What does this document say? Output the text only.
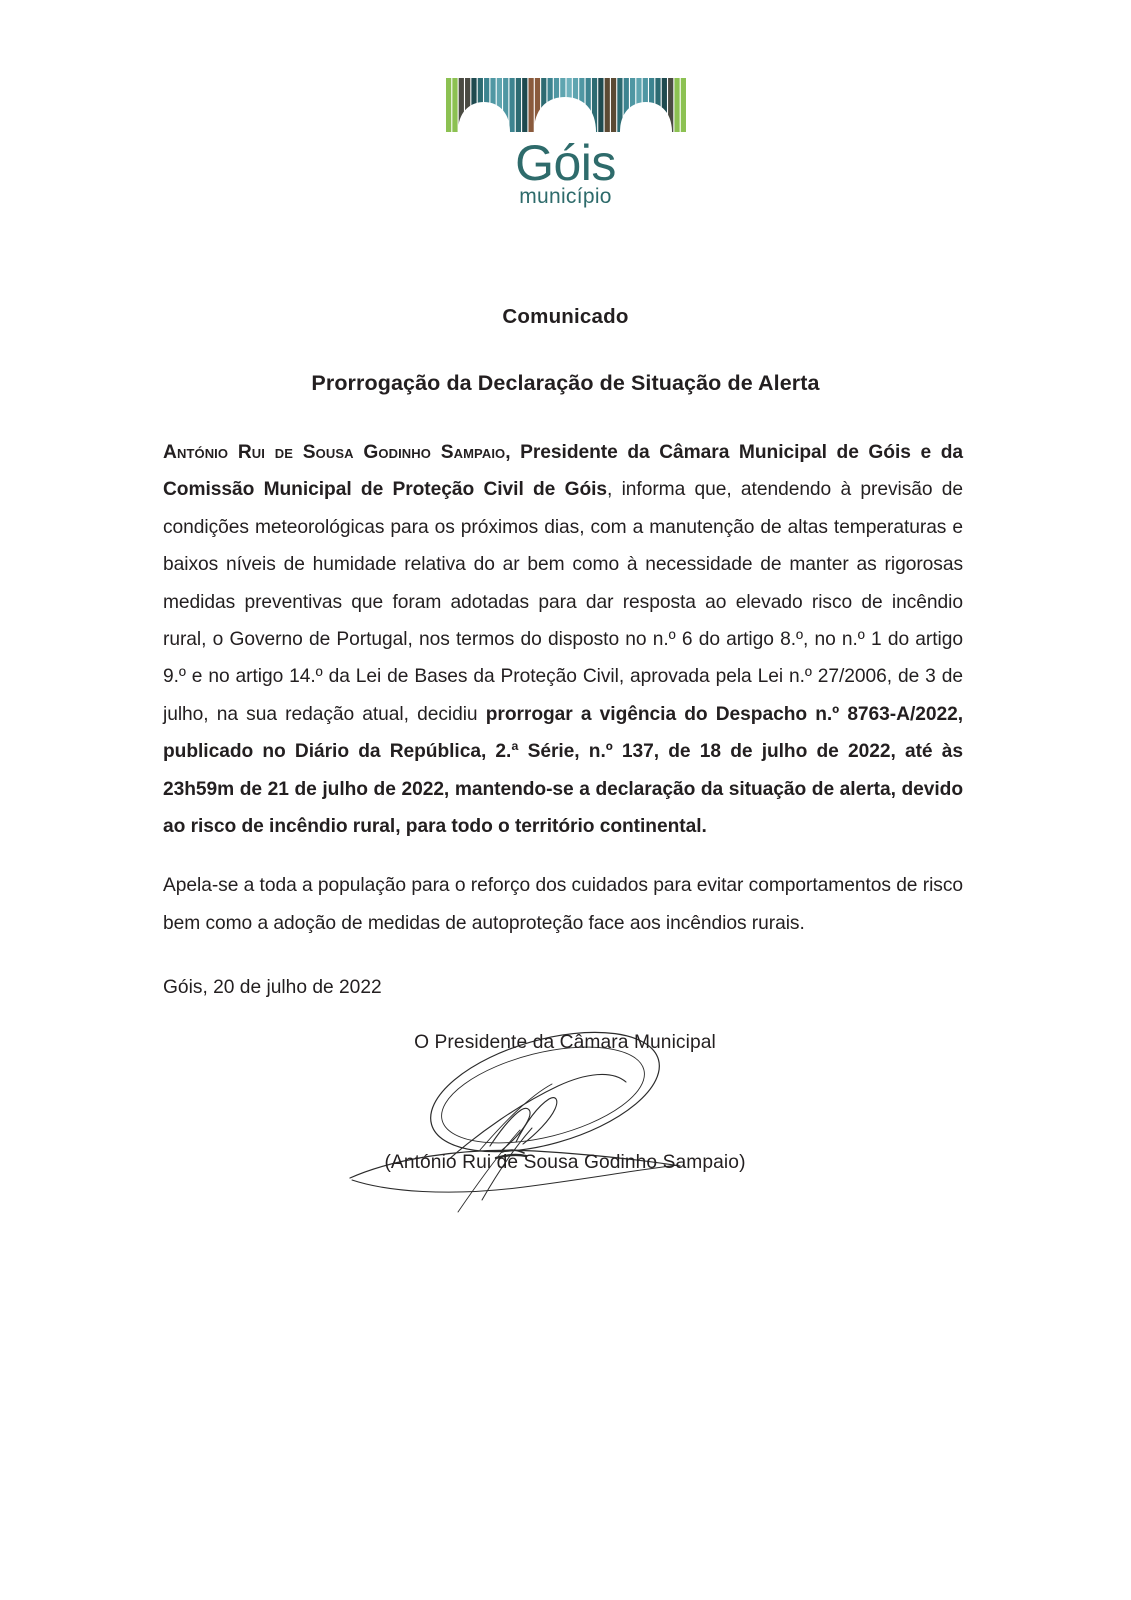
Góis
município
Comunicado
Prorrogação da Declaração de Situação de Alerta

António Rui de Sousa Godinho Sampaio, Presidente da Câmara Municipal de Góis e da Comissão Municipal de Proteção Civil de Góis, informa que, atendendo à previsão de condições meteorológicas para os próximos dias, com a manutenção de altas temperaturas e baixos níveis de humidade relativa do ar bem como à necessidade de manter as rigorosas medidas preventivas que foram adotadas para dar resposta ao elevado risco de incêndio rural, o Governo de Portugal, nos termos do disposto no n.º 6 do artigo 8.º, no n.º 1 do artigo 9.º e no artigo 14.º da Lei de Bases da Proteção Civil, aprovada pela Lei n.º 27/2006, de 3 de julho, na sua redação atual, decidiu prorrogar a vigência do Despacho n.º 8763-A/2022, publicado no Diário da República, 2.ª Série, n.º 137, de 18 de julho de 2022, até às 23h59m de 21 de julho de 2022, mantendo-se a declaração da situação de alerta, devido ao risco de incêndio rural, para todo o território continental.

Apela-se a toda a população para o reforço dos cuidados para evitar comportamentos de risco bem como a adoção de medidas de autoproteção face aos incêndios rurais.

Góis, 20 de julho de 2022
O Presidente da Câmara Municipal
(António Rui de Sousa Godinho Sampaio)
